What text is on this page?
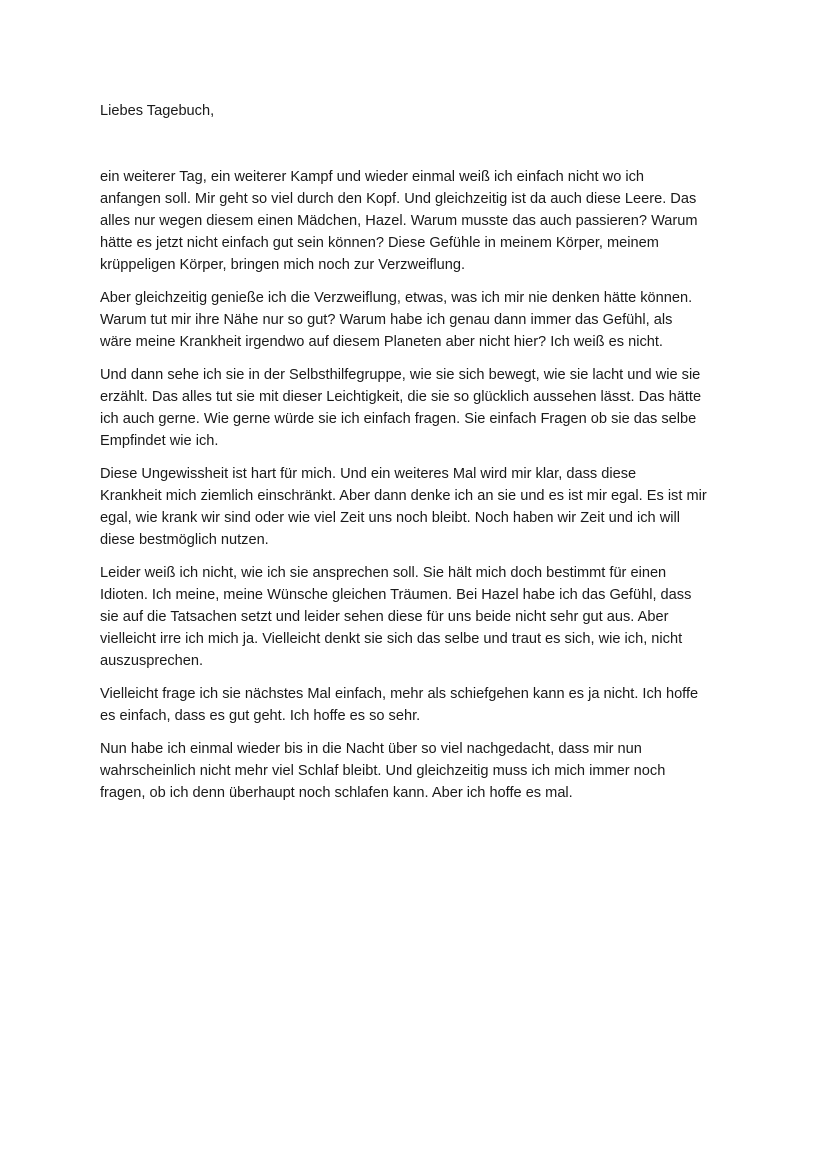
Liebes Tagebuch,

ein weiterer Tag, ein weiterer Kampf und wieder einmal weiß ich einfach nicht wo ich
anfangen soll. Mir geht so viel durch den Kopf. Und gleichzeitig ist da auch diese Leere. Das
alles nur wegen diesem einen Mädchen, Hazel. Warum musste das auch passieren? Warum
hätte es jetzt nicht einfach gut sein können? Diese Gefühle in meinem Körper, meinem
krüppeligen Körper, bringen mich noch zur Verzweiflung.

Aber gleichzeitig genieße ich die Verzweiflung, etwas, was ich mir nie denken hätte können.
Warum tut mir ihre Nähe nur so gut? Warum habe ich genau dann immer das Gefühl, als
wäre meine Krankheit irgendwo auf diesem Planeten aber nicht hier? Ich weiß es nicht.

Und dann sehe ich sie in der Selbsthilfegruppe, wie sie sich bewegt, wie sie lacht und wie sie
erzählt. Das alles tut sie mit dieser Leichtigkeit, die sie so glücklich aussehen lässt. Das hätte
ich auch gerne. Wie gerne würde sie ich einfach fragen. Sie einfach Fragen ob sie das selbe
Empfindet wie ich.

Diese Ungewissheit ist hart für mich. Und ein weiteres Mal wird mir klar, dass diese
Krankheit mich ziemlich einschränkt. Aber dann denke ich an sie und es ist mir egal. Es ist mir
egal, wie krank wir sind oder wie viel Zeit uns noch bleibt. Noch haben wir Zeit und ich will
diese bestmöglich nutzen.

Leider weiß ich nicht, wie ich sie ansprechen soll. Sie hält mich doch bestimmt für einen
Idioten. Ich meine, meine Wünsche gleichen Träumen. Bei Hazel habe ich das Gefühl, dass
sie auf die Tatsachen setzt und leider sehen diese für uns beide nicht sehr gut aus. Aber
vielleicht irre ich mich ja. Vielleicht denkt sie sich das selbe und traut es sich, wie ich, nicht
auszusprechen.

Vielleicht frage ich sie nächstes Mal einfach, mehr als schiefgehen kann es ja nicht. Ich hoffe
es einfach, dass es gut geht. Ich hoffe es so sehr.

Nun habe ich einmal wieder bis in die Nacht über so viel nachgedacht, dass mir nun
wahrscheinlich nicht mehr viel Schlaf bleibt. Und gleichzeitig muss ich mich immer noch
fragen, ob ich denn überhaupt noch schlafen kann. Aber ich hoffe es mal.
